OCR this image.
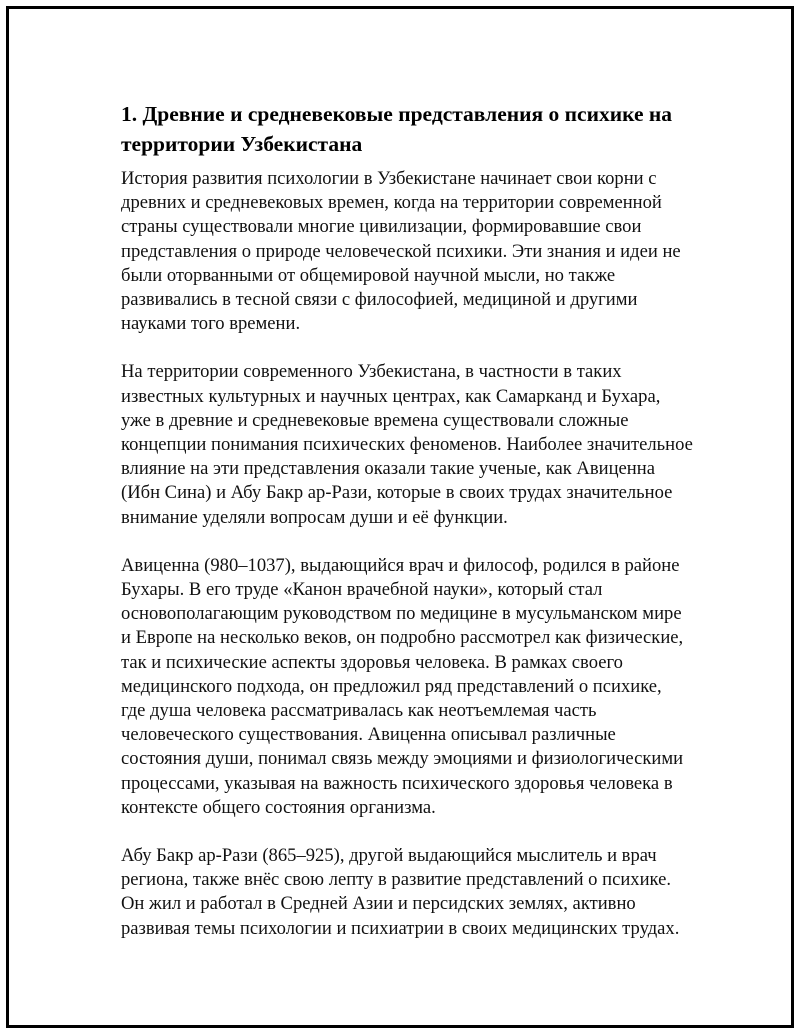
1. Древние и средневековые представления о психике на
территории Узбекистана

История развития психологии в Узбекистане начинает свои корни с
древних и средневековых времен, когда на территории современной
страны существовали многие цивилизации, формировавшие свои
представления о природе человеческой психики. Эти знания и идеи не
были оторванными от общемировой научной мысли, но также
развивались в тесной связи с философией, медициной и другими
науками того времени.

На территории современного Узбекистана, в частности в таких
известных культурных и научных центрах, как Самарканд и Бухара,
уже в древние и средневековые времена существовали сложные
концепции понимания психических феноменов. Наиболее значительное
влияние на эти представления оказали такие ученые, как Авиценна
(Ибн Сина) и Абу Бакр ар-Рази, которые в своих трудах значительное
внимание уделяли вопросам души и её функции.

Авиценна (980–1037), выдающийся врач и философ, родился в районе
Бухары. В его труде «Канон врачебной науки», который стал
основополагающим руководством по медицине в мусульманском мире
и Европе на несколько веков, он подробно рассмотрел как физические,
так и психические аспекты здоровья человека. В рамках своего
медицинского подхода, он предложил ряд представлений о психике,
где душа человека рассматривалась как неотъемлемая часть
человеческого существования. Авиценна описывал различные
состояния души, понимал связь между эмоциями и физиологическими
процессами, указывая на важность психического здоровья человека в
контексте общего состояния организма.

Абу Бакр ар-Рази (865–925), другой выдающийся мыслитель и врач
региона, также внёс свою лепту в развитие представлений о психике.
Он жил и работал в Средней Азии и персидских землях, активно
развивая темы психологии и психиатрии в своих медицинских трудах.
